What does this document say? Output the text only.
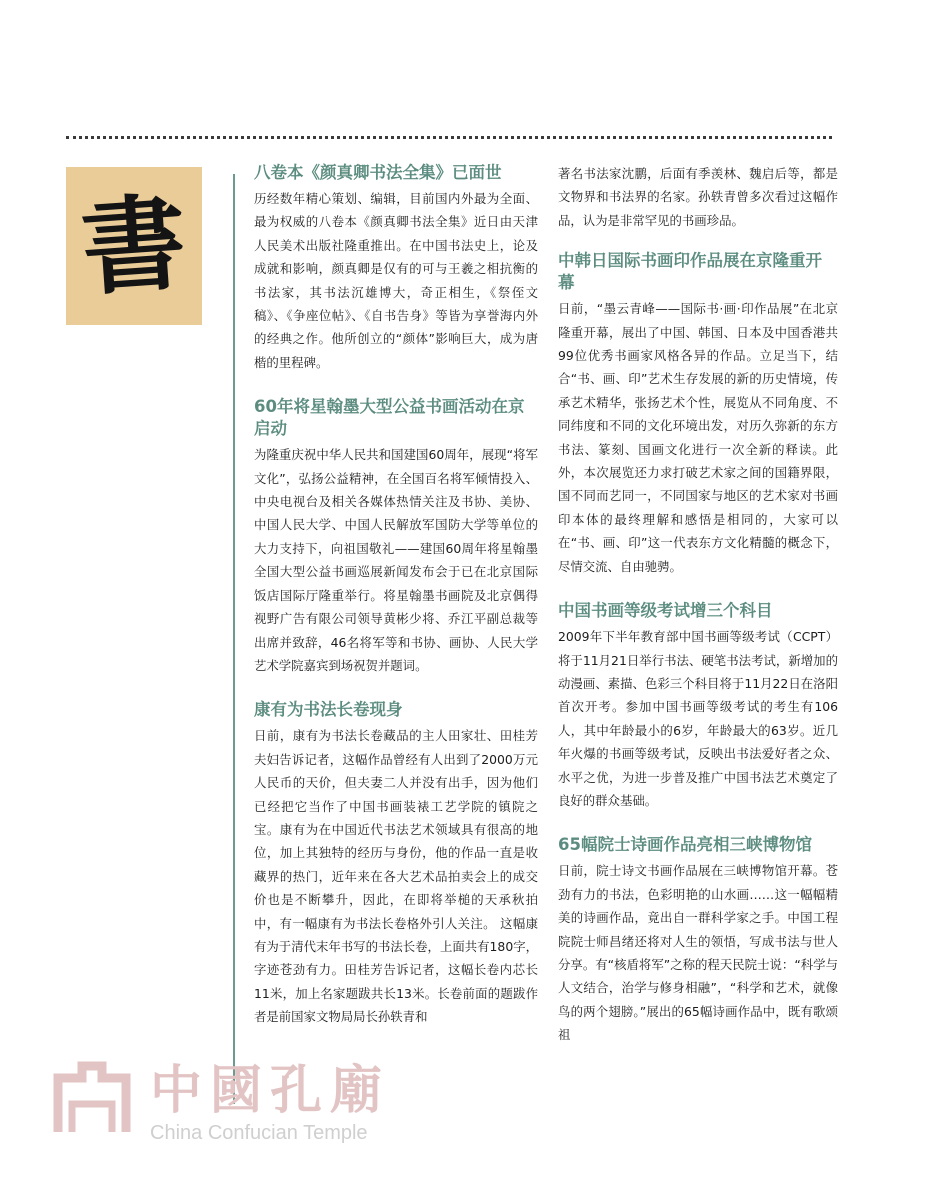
書
八卷本《颜真卿书法全集》已面世

历经数年精心策划、编辑，目前国内外最为全面、最为权威的八卷本《颜真卿书法全集》近日由天津人民美术出版社隆重推出。在中国书法史上，论及成就和影响，颜真卿是仅有的可与王羲之相抗衡的书法家，其书法沉雄博大，奇正相生，《祭侄文稿》、《争座位帖》、《自书告身》等皆为享誉海内外的经典之作。他所创立的“颜体”影响巨大，成为唐楷的里程碑。

60年将星翰墨大型公益书画活动在京启动

为隆重庆祝中华人民共和国建国60周年，展现“将军文化”，弘扬公益精神，在全国百名将军倾情投入、中央电视台及相关各媒体热情关注及书协、美协、中国人民大学、中国人民解放军国防大学等单位的大力支持下，向祖国敬礼——建国60周年将星翰墨全国大型公益书画巡展新闻发布会于已在北京国际饭店国际厅隆重举行。将星翰墨书画院及北京偶得视野广告有限公司领导黄彬少将、乔江平副总裁等出席并致辞，46名将军等和书协、画协、人民大学艺术学院嘉宾到场祝贺并题词。

康有为书法长卷现身

日前，康有为书法长卷藏品的主人田家壮、田桂芳夫妇告诉记者，这幅作品曾经有人出到了2000万元人民币的天价，但夫妻二人并没有出手，因为他们已经把它当作了中国书画装裱工艺学院的镇院之宝。康有为在中国近代书法艺术领域具有很高的地位，加上其独特的经历与身份，他的作品一直是收藏界的热门，近年来在各大艺术品拍卖会上的成交价也是不断攀升，因此，在即将举槌的天承秋拍中，有一幅康有为书法长卷格外引人关注。 这幅康有为于清代末年书写的书法长卷，上面共有180字，字迹苍劲有力。田桂芳告诉记者，这幅长卷内芯长11米，加上名家题跋共长13米。长卷前面的题跋作者是前国家文物局局长孙轶青和

著名书法家沈鹏，后面有季羡林、魏启后等，都是文物界和书法界的名家。孙轶青曾多次看过这幅作品，认为是非常罕见的书画珍品。

中韩日国际书画印作品展在京隆重开幕

日前，“墨云青峰——国际书·画·印作品展”在北京隆重开幕，展出了中国、韩国、日本及中国香港共99位优秀书画家风格各异的作品。立足当下，结合“书、画、印”艺术生存发展的新的历史情境，传承艺术精华，张扬艺术个性，展览从不同角度、不同纬度和不同的文化环境出发，对历久弥新的东方书法、篆刻、国画文化进行一次全新的释读。此外，本次展览还力求打破艺术家之间的国籍界限，国不同而艺同一，不同国家与地区的艺术家对书画印本体的最终理解和感悟是相同的，大家可以在“书、画、印”这一代表东方文化精髓的概念下，尽情交流、自由驰骋。

中国书画等级考试增三个科目

2009年下半年教育部中国书画等级考试（CCPT）将于11月21日举行书法、硬笔书法考试，新增加的动漫画、素描、色彩三个科目将于11月22日在洛阳首次开考。参加中国书画等级考试的考生有106人，其中年龄最小的6岁，年龄最大的63岁。近几年火爆的书画等级考试，反映出书法爱好者之众、水平之优，为进一步普及推广中国书法艺术奠定了良好的群众基础。

65幅院士诗画作品亮相三峡博物馆

日前，院士诗文书画作品展在三峡博物馆开幕。苍劲有力的书法，色彩明艳的山水画……这一幅幅精美的诗画作品，竟出自一群科学家之手。中国工程院院士师昌绪还将对人生的领悟，写成书法与世人分享。有“核盾将军”之称的程天民院士说：“科学与人文结合，治学与修身相融”，“科学和艺术，就像鸟的两个翅膀。”展出的65幅诗画作品中，既有歌颂祖

中國孔廟
China Confucian Temple
